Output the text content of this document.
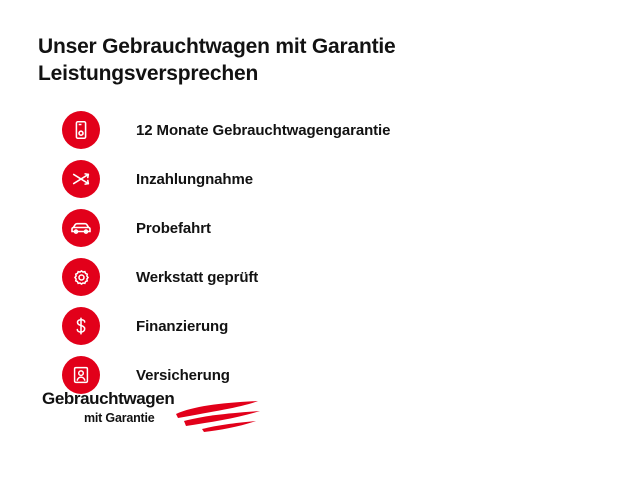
Unser Gebrauchtwagen mit Garantie
Leistungsversprechen
12 Monate Gebrauchtwagengarantie
Inzahlungnahme
Probefahrt
Werkstatt geprüft
Finanzierung
Versicherung
Gebrauchtwagen
mit Garantie
